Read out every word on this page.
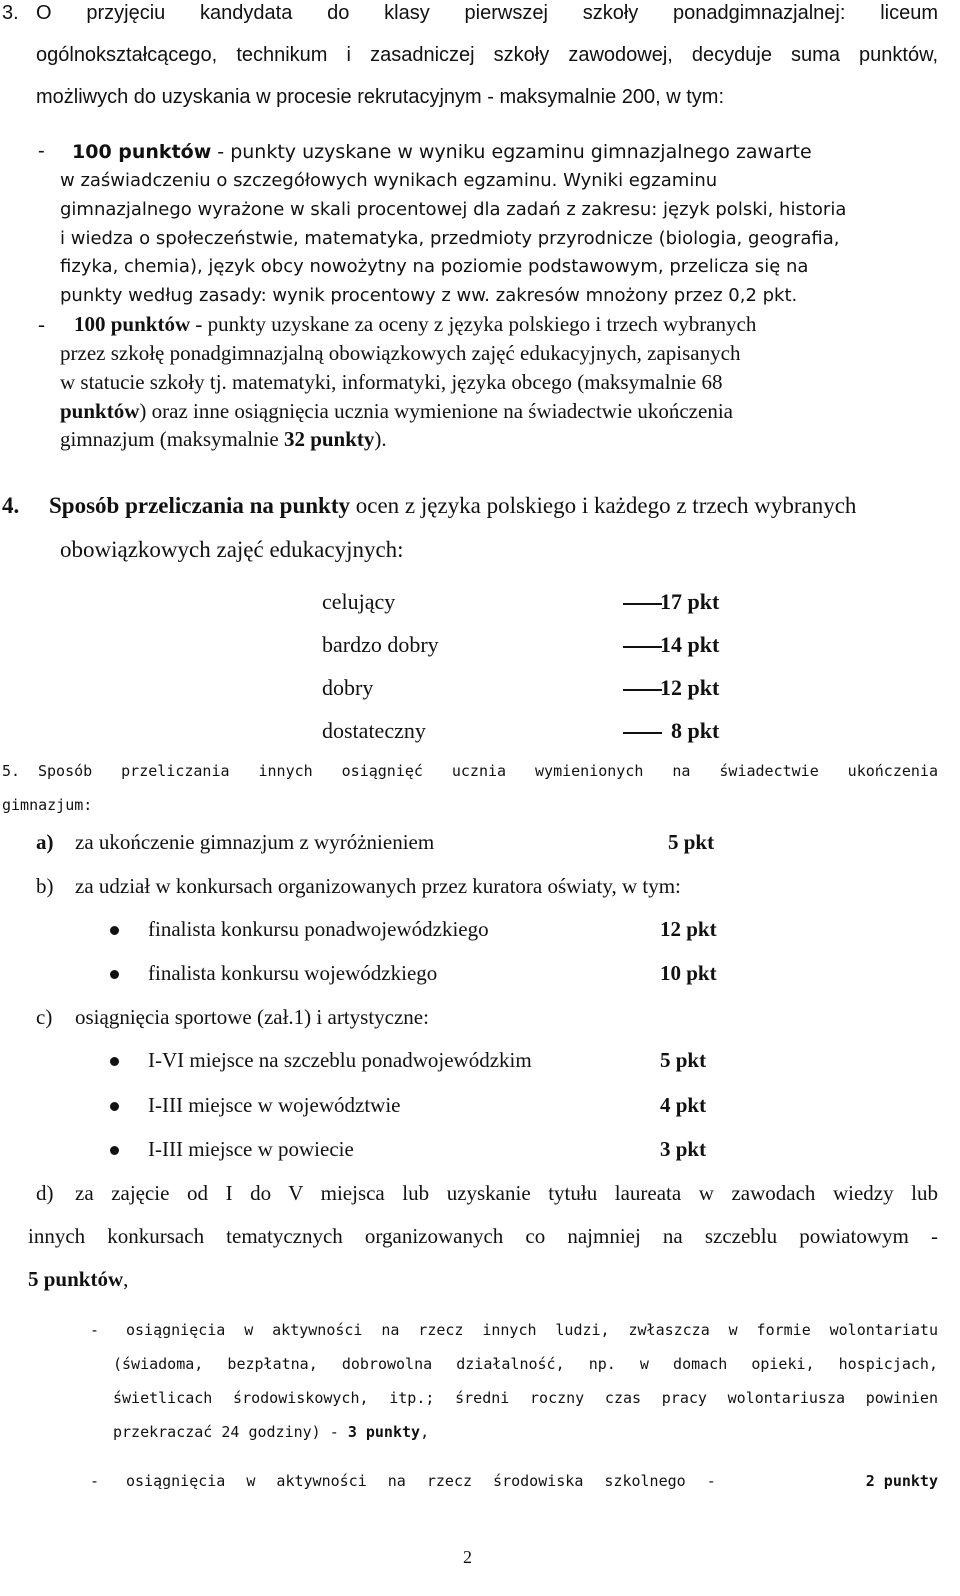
3. O przyjęciu kandydata do klasy pierwszej szkoły ponadgimnazjalnej: liceum
ogólnokształcącego, technikum i zasadniczej szkoły zawodowej, decyduje suma punktów,
możliwych do uzyskania w procesie rekrutacyjnym - maksymalnie 200, w tym:
- 100 punktów - punkty uzyskane w wyniku egzaminu gimnazjalnego zawarte
w zaświadczeniu o szczegółowych wynikach egzaminu. Wyniki egzaminu
gimnazjalnego wyrażone w skali procentowej dla zadań z zakresu: język polski, historia
i wiedza o społeczeństwie, matematyka, przedmioty przyrodnicze (biologia, geografia,
fizyka, chemia), język obcy nowożytny na poziomie podstawowym, przelicza się na
punkty według zasady: wynik procentowy z ww. zakresów mnożony przez 0,2 pkt.
- 100 punktów - punkty uzyskane za oceny z języka polskiego i trzech wybranych
przez szkołę ponadgimnazjalną obowiązkowych zajęć edukacyjnych, zapisanych
w statucie szkoły tj. matematyki, informatyki, języka obcego (maksymalnie 68
punktów) oraz inne osiągnięcia ucznia wymienione na świadectwie ukończenia
gimnazjum (maksymalnie 32 punkty).
4. Sposób przeliczania na punkty ocen z języka polskiego i każdego z trzech wybranych
obowiązkowych zajęć edukacyjnych:
celujący	17 pkt
bardzo dobry	14 pkt
dobry	12 pkt
dostateczny	8 pkt
5. Sposób przeliczania innych osiągnięć ucznia wymienionych na świadectwie ukończenia
gimnazjum:
a) za ukończenie gimnazjum z wyróżnieniem	5 pkt
b) za udział w konkursach organizowanych przez kuratora oświaty, w tym:
finalista konkursu ponadwojewódzkiego	12 pkt
finalista konkursu wojewódzkiego	10 pkt
c) osiągnięcia sportowe (zał.1) i artystyczne:
I-VI miejsce na szczeblu ponadwojewódzkim	5 pkt
I-III miejsce w województwie	4 pkt
I-III miejsce w powiecie	3 pkt
d) za zajęcie od I do V miejsca lub uzyskanie tytułu laureata w zawodach wiedzy lub
innych konkursach tematycznych organizowanych co najmniej na szczeblu powiatowym -
5 punktów,
- osiągnięcia w aktywności na rzecz innych ludzi, zwłaszcza w formie wolontariatu
(świadoma, bezpłatna, dobrowolna działalność, np. w domach opieki, hospicjach,
świetlicach środowiskowych, itp.; średni roczny czas pracy wolontariusza powinien
przekraczać 24 godziny) - 3 punkty,
- osiągnięcia w aktywności na rzecz środowiska szkolnego -	2 punkty
2
